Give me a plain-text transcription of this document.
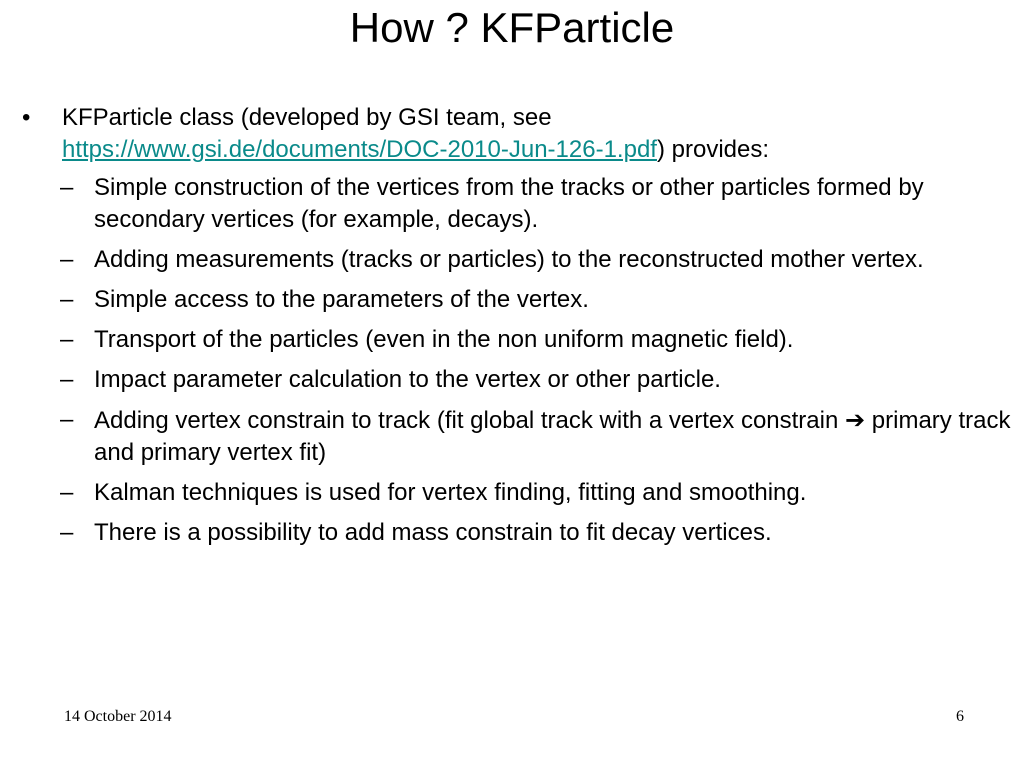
How ? KFParticle
• KFParticle class (developed by GSI team, see
https://www.gsi.de/documents/DOC-2010-Jun-126-1.pdf) provides:
– Simple construction of the vertices from the tracks or other particles formed by secondary vertices (for example, decays).
– Adding measurements (tracks or particles) to the reconstructed mother vertex.
– Simple access to the parameters of the vertex.
– Transport of the particles (even in the non uniform magnetic field).
– Impact parameter calculation to the vertex or other particle.
– Adding vertex constrain to track (fit global track with a vertex constrain ➔ primary track and primary vertex fit)
– Kalman techniques is used for vertex finding, fitting and smoothing.
– There is a possibility to add mass constrain to fit decay vertices.
14 October 2014	6
